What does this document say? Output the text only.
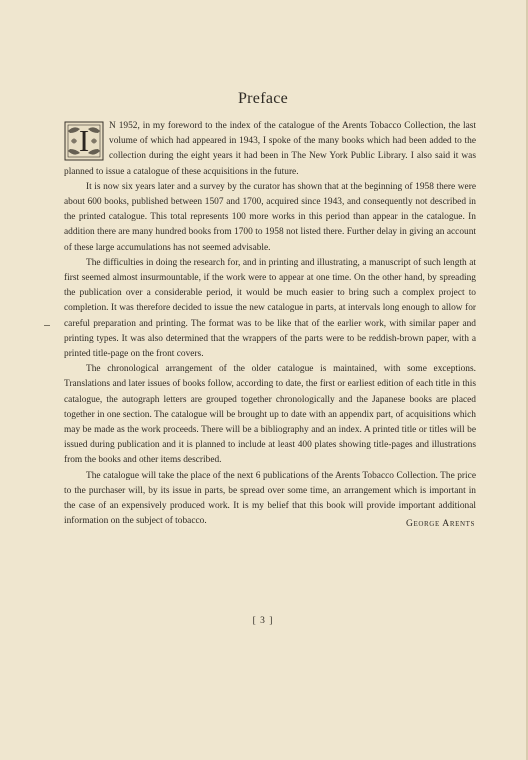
Preface

I	N 1952, in my foreword to the index of the catalogue of the Arents Tobacco Collection, the last volume of which had appeared in 1943, I spoke of the many books which had been added to the collection during the eight years it had been in The New York Public Library. I also said it was planned to issue a catalogue of these acquisitions in the future.

It is now six years later and a survey by the curator has shown that at the beginning of 1958 there were about 600 books, published between 1507 and 1700, acquired since 1943, and consequently not described in the printed catalogue. This total represents 100 more works in this period than appear in the catalogue. In addition there are many hundred books from 1700 to 1958 not listed there. Further delay in giving an account of these large accumulations has not seemed advisable.

The difficulties in doing the research for, and in printing and illustrating, a manuscript of such length at first seemed almost insurmountable, if the work were to appear at one time. On the other hand, by spreading the publication over a considerable period, it would be much easier to bring such a complex project to completion. It was therefore decided to issue the new catalogue in parts, at intervals long enough to allow for careful preparation and printing. The format was to be like that of the earlier work, with similar paper and printing types. It was also determined that the wrappers of the parts were to be reddish-brown paper, with a printed title-page on the front covers.

The chronological arrangement of the older catalogue is maintained, with some exceptions. Translations and later issues of books follow, according to date, the first or earliest edition of each title in this catalogue, the autograph letters are grouped together chronologically and the Japanese books are placed together in one section. The catalogue will be brought up to date with an appendix part, of acquisitions which may be made as the work proceeds. There will be a bibliography and an index. A printed title or titles will be issued during publication and it is planned to include at least 400 plates showing title-pages and illustrations from the books and other items described.

The catalogue will take the place of the next 6 publications of the Arents Tobacco Collection. The price to the purchaser will, by its issue in parts, be spread over some time, an arrangement which is important in the case of an expensively produced work. It is my belief that this book will provide important additional information on the subject of tobacco.	George Arents
[ 3 ]
